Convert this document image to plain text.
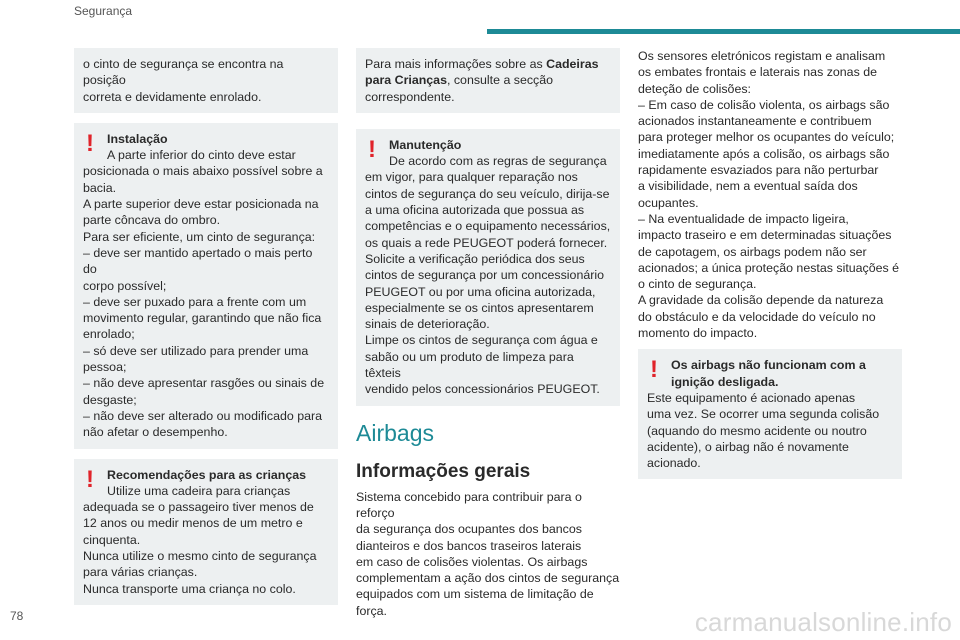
Segurança

o cinto de segurança se encontra na posição

correta e devidamente enrolado.

!	Instalação

A parte inferior do cinto deve estar

posicionada o mais abaixo possível sobre a

bacia.

A parte superior deve estar posicionada na

parte côncava do ombro.

Para ser eficiente, um cinto de segurança:

– deve ser mantido apertado o mais perto do

corpo possível;

– deve ser puxado para a frente com um

movimento regular, garantindo que não fica

enrolado;

– só deve ser utilizado para prender uma

pessoa;

– não deve apresentar rasgões ou sinais de

desgaste;

– não deve ser alterado ou modificado para

não afetar o desempenho.

!	Recomendações para as crianças

Utilize uma cadeira para crianças

adequada se o passageiro tiver menos de

12 anos ou medir menos de um metro e

cinquenta.

Nunca utilize o mesmo cinto de segurança

para várias crianças.

Nunca transporte uma criança no colo.

Para mais informações sobre as Cadeiras

para Crianças, consulte a secção

correspondente.

!	Manutenção

De acordo com as regras de segurança

em vigor, para qualquer reparação nos

cintos de segurança do seu veículo, dirija-se

a uma oficina autorizada que possua as

competências e o equipamento necessários,

os quais a rede PEUGEOT poderá fornecer.

Solicite a verificação periódica dos seus

cintos de segurança por um concessionário

PEUGEOT ou por uma oficina autorizada,

especialmente se os cintos apresentarem

sinais de deterioração.

Limpe os cintos de segurança com água e

sabão ou um produto de limpeza para têxteis

vendido pelos concessionários PEUGEOT.

Airbags
Informações gerais

Sistema concebido para contribuir para o reforço

da segurança dos ocupantes dos bancos

dianteiros e dos bancos traseiros laterais

em caso de colisões violentas. Os airbags

complementam a ação dos cintos de segurança

equipados com um sistema de limitação de

força.

Os sensores eletrónicos registam e analisam

os embates frontais e laterais nas zonas de

deteção de colisões:

– Em caso de colisão violenta, os airbags são

acionados instantaneamente e contribuem

para proteger melhor os ocupantes do veículo;

imediatamente após a colisão, os airbags são

rapidamente esvaziados para não perturbar

a visibilidade, nem a eventual saída dos

ocupantes.

– Na eventualidade de impacto ligeira,

impacto traseiro e em determinadas situações

de capotagem, os airbags podem não ser

acionados; a única proteção nestas situações é

o cinto de segurança.

A gravidade da colisão depende da natureza

do obstáculo e da velocidade do veículo no

momento do impacto.

!	Os airbags não funcionam com a

ignição desligada.

Este equipamento é acionado apenas

uma vez. Se ocorrer uma segunda colisão

(aquando do mesmo acidente ou noutro

acidente), o airbag não é novamente

acionado.

78	carmanualsonline.info
